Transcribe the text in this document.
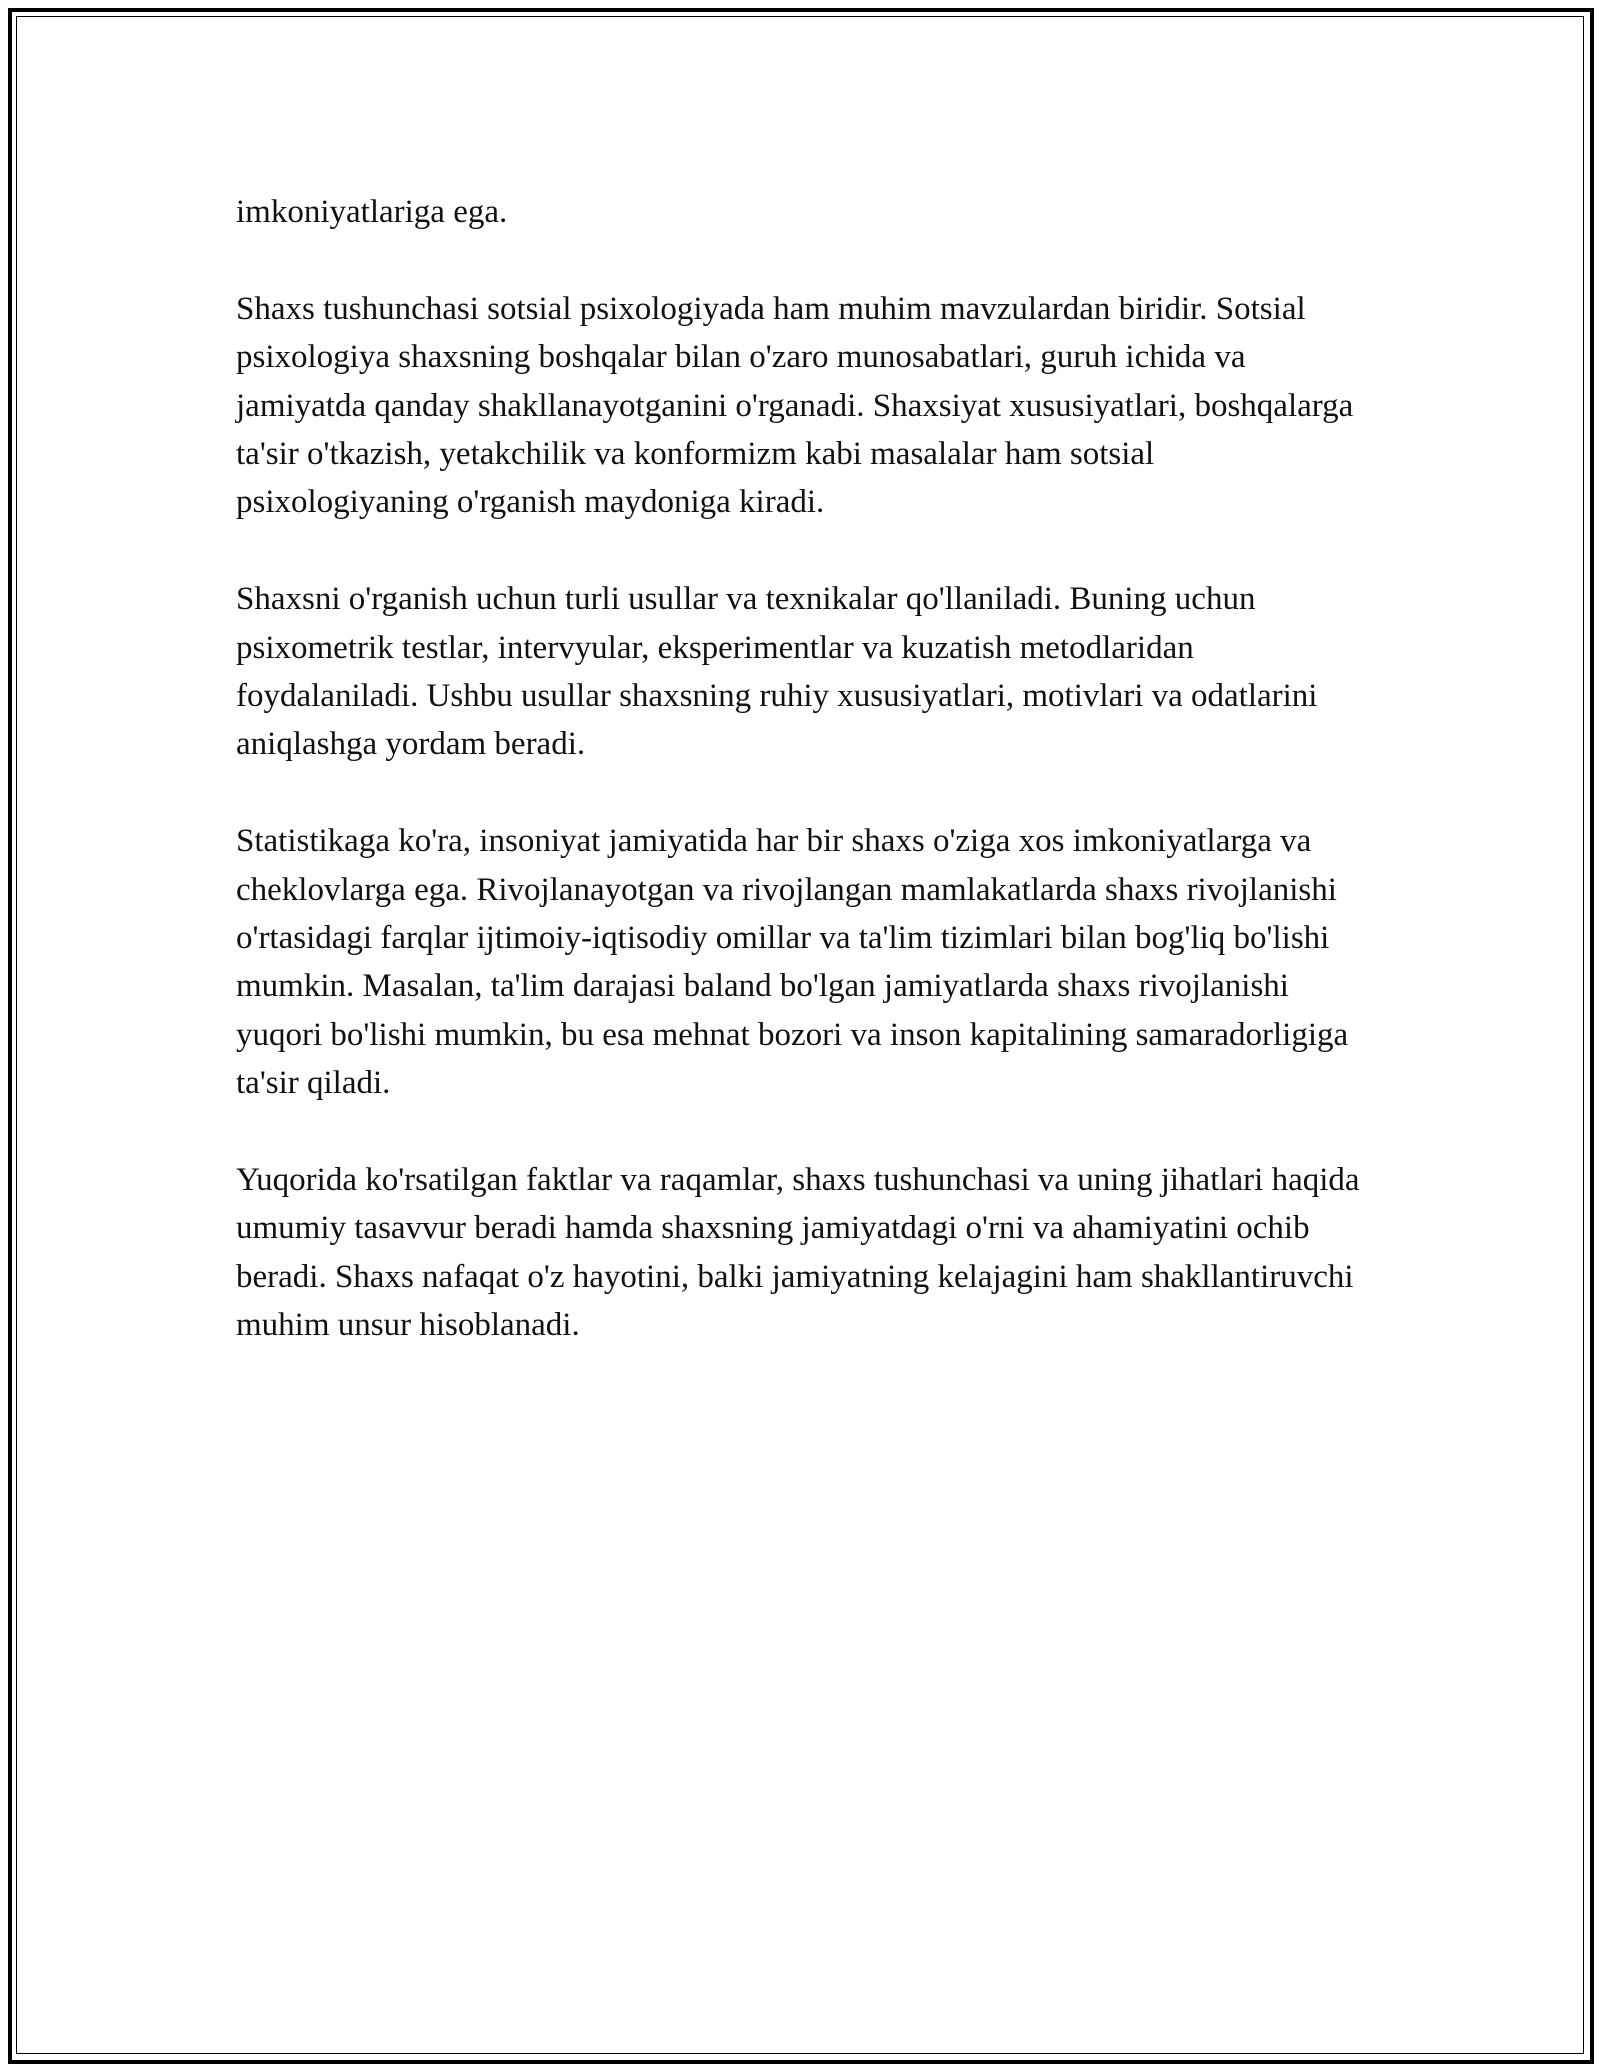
imkoniyatlariga ega.

Shaxs tushunchasi sotsial psixologiyada ham muhim mavzulardan biridir. Sotsial psixologiya shaxsning boshqalar bilan o'zaro munosabatlari, guruh ichida va jamiyatda qanday shakllanayotganini o'rganadi. Shaxsiyat xususiyatlari, boshqalarga ta'sir o'tkazish, yetakchilik va konformizm kabi masalalar ham sotsial psixologiyaning o'rganish maydoniga kiradi.

Shaxsni o'rganish uchun turli usullar va texnikalar qo'llaniladi. Buning uchun psixometrik testlar, intervyular, eksperimentlar va kuzatish metodlaridan foydalaniladi. Ushbu usullar shaxsning ruhiy xususiyatlari, motivlari va odatlarini aniqlashga yordam beradi.

Statistikaga ko'ra, insoniyat jamiyatida har bir shaxs o'ziga xos imkoniyatlarga va cheklovlarga ega. Rivojlanayotgan va rivojlangan mamlakatlarda shaxs rivojlanishi o'rtasidagi farqlar ijtimoiy-iqtisodiy omillar va ta'lim tizimlari bilan bog'liq bo'lishi mumkin. Masalan, ta'lim darajasi baland bo'lgan jamiyatlarda shaxs rivojlanishi yuqori bo'lishi mumkin, bu esa mehnat bozori va inson kapitalining samaradorligiga ta'sir qiladi.

Yuqorida ko'rsatilgan faktlar va raqamlar, shaxs tushunchasi va uning jihatlari haqida umumiy tasavvur beradi hamda shaxsning jamiyatdagi o'rni va ahamiyatini ochib beradi. Shaxs nafaqat o'z hayotini, balki jamiyatning kelajagini ham shakllantiruvchi muhim unsur hisoblanadi.
